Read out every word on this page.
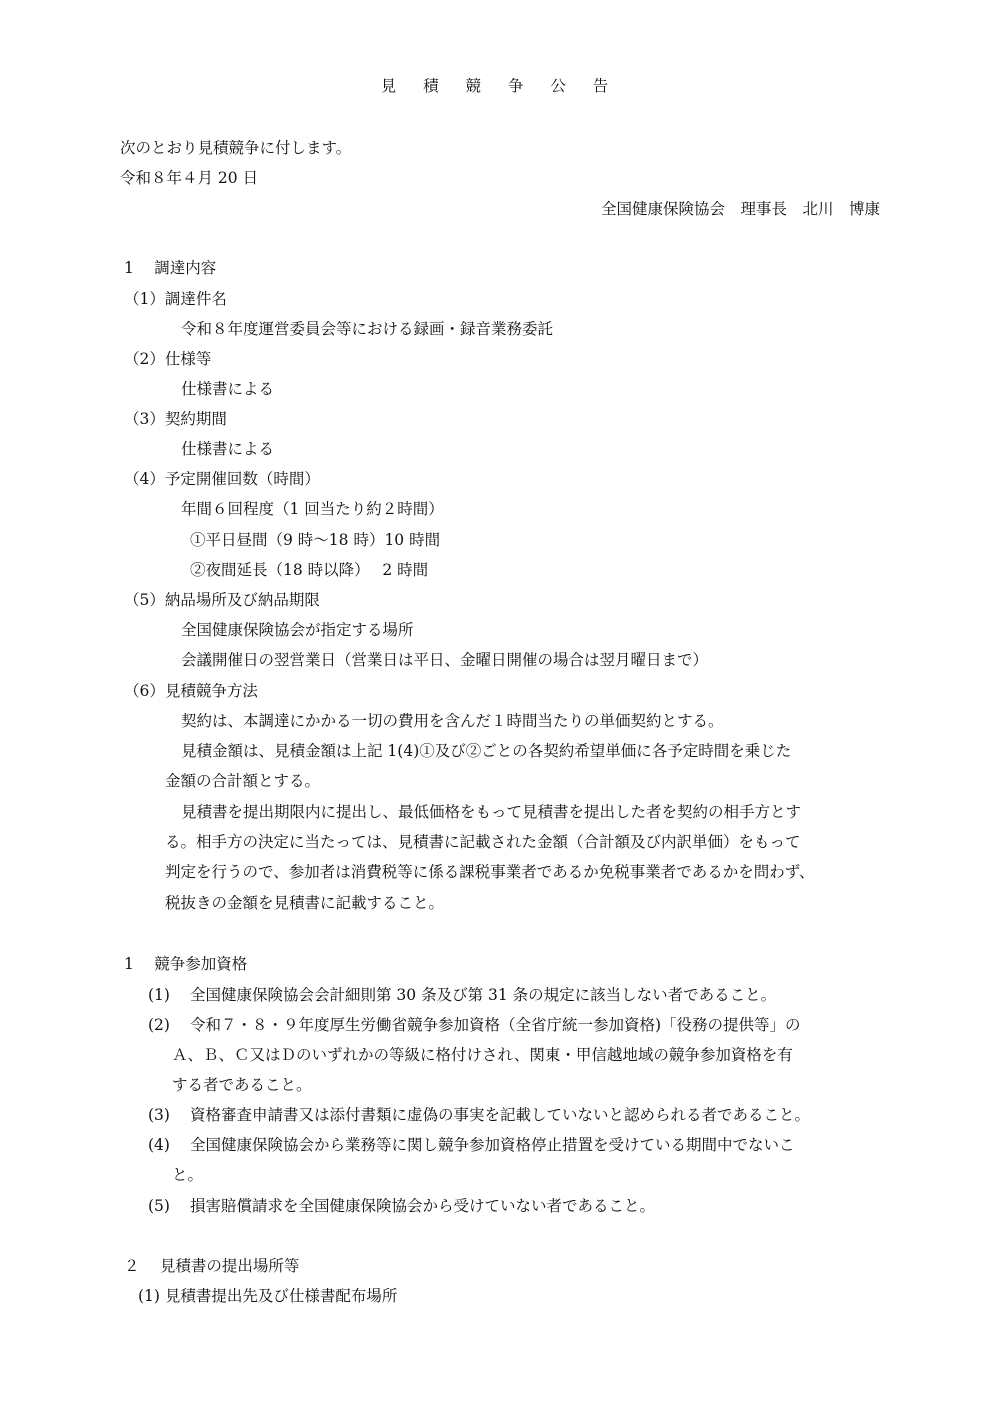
見 積 競 争 公 告
次のとおり見積競争に付します。
令和８年４月 20 日
全国健康保険協会　理事長　北川　博康
1　 調達内容
（1）調達件名
令和８年度運営委員会等における録画・録音業務委託
（2）仕様等
仕様書による
（3）契約期間
仕様書による
（4）予定開催回数（時間）
年間６回程度（1 回当たり約２時間）
①平日昼間（9 時～18 時）10 時間
②夜間延長（18 時以降）　 2 時間
（5）納品場所及び納品期限
全国健康保険協会が指定する場所
会議開催日の翌営業日（営業日は平日、金曜日開催の場合は翌月曜日まで）
（6）見積競争方法
契約は、本調達にかかる一切の費用を含んだ１時間当たりの単価契約とする。
見積金額は、見積金額は上記 1(4)①及び②ごとの各契約希望単価に各予定時間を乗じた
金額の合計額とする。
見積書を提出期限内に提出し、最低価格をもって見積書を提出した者を契約の相手方とす
る。相手方の決定に当たっては、見積書に記載された金額（合計額及び内訳単価）をもって
判定を行うので、参加者は消費税等に係る課税事業者であるか免税事業者であるかを問わず、
税抜きの金額を見積書に記載すること。
1　 競争参加資格
(1) 全国健康保険協会会計細則第 30 条及び第 31 条の規定に該当しない者であること。
(2) 令和７・８・９年度厚生労働省競争参加資格（全省庁統一参加資格)「役務の提供等」の
Ａ、Ｂ、Ｃ又はＤのいずれかの等級に格付けされ、関東・甲信越地域の競争参加資格を有
する者であること。
(3) 資格審査申請書又は添付書類に虚偽の事実を記載していないと認められる者であること。
(4) 全国健康保険協会から業務等に関し競争参加資格停止措置を受けている期間中でないこ
と。
(5) 損害賠償請求を全国健康保険協会から受けていない者であること。
２　 見積書の提出場所等
(1) 見積書提出先及び仕様書配布場所
